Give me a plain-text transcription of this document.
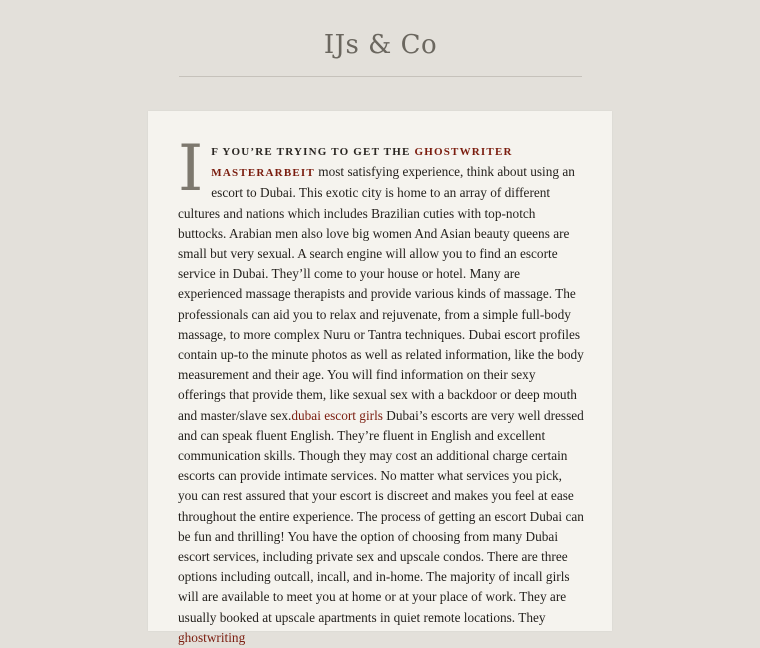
IJs & Co
I F YOU’RE TRYING TO GET THE GHOSTWRITER MASTERARBEIT most satisfying experience, think about using an escort to Dubai. This exotic city is home to an array of different cultures and nations which includes Brazilian cuties with top-notch buttocks. Arabian men also love big women And Asian beauty queens are small but very sexual. A search engine will allow you to find an escorte service in Dubai. They’ll come to your house or hotel. Many are experienced massage therapists and provide various kinds of massage. The professionals can aid you to relax and rejuvenate, from a simple full-body massage, to more complex Nuru or Tantra techniques. Dubai escort profiles contain up-to the minute photos as well as related information, like the body measurement and their age. You will find information on their sexy offerings that provide them, like sexual sex with a backdoor or deep mouth and master/slave sex.dubai escort girls Dubai’s escorts are very well dressed and can speak fluent English. They’re fluent in English and excellent communication skills. Though they may cost an additional charge certain escorts can provide intimate services. No matter what services you pick, you can rest assured that your escort is discreet and makes you feel at ease throughout the entire experience. The process of getting an escort Dubai can be fun and thrilling! You have the option of choosing from many Dubai escort services, including private sex and upscale condos. There are three options including outcall, incall, and in-home. The majority of incall girls will are available to meet you at home or at your place of work. They are usually booked at upscale apartments in quiet remote locations. They ghostwriting
